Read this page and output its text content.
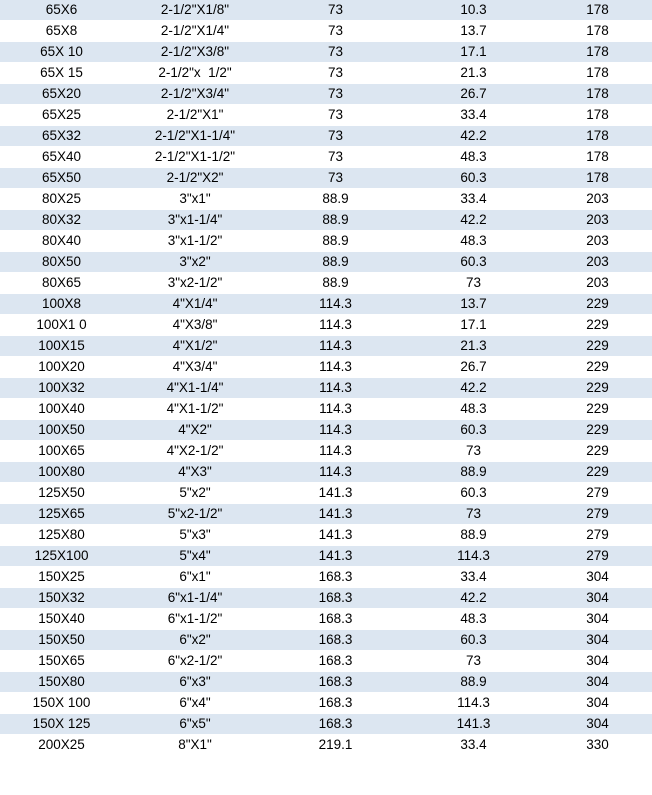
65X6	2-1/2"X1/8"	73	10.3	178
65X8	2-1/2"X1/4"	73	13.7	178
65X 10	2-1/2"X3/8"	73	17.1	178
65X 15	2-1/2"x  1/2"	73	21.3	178
65X20	2-1/2"X3/4"	73	26.7	178
65X25	2-1/2"X1"	73	33.4	178
65X32	2-1/2"X1-1/4"	73	42.2	178
65X40	2-1/2"X1-1/2"	73	48.3	178
65X50	2-1/2"X2"	73	60.3	178
80X25	3"x1"	88.9	33.4	203
80X32	3"x1-1/4"	88.9	42.2	203
80X40	3"x1-1/2"	88.9	48.3	203
80X50	3"x2"	88.9	60.3	203
80X65	3"x2-1/2"	88.9	73	203
100X8	4"X1/4"	114.3	13.7	229
100X1 0	4"X3/8"	114.3	17.1	229
100X15	4"X1/2"	114.3	21.3	229
100X20	4"X3/4"	114.3	26.7	229
100X32	4"X1-1/4"	114.3	42.2	229
100X40	4"X1-1/2"	114.3	48.3	229
100X50	4"X2"	114.3	60.3	229
100X65	4"X2-1/2"	114.3	73	229
100X80	4"X3"	114.3	88.9	229
125X50	5"x2"	141.3	60.3	279
125X65	5"x2-1/2"	141.3	73	279
125X80	5"x3"	141.3	88.9	279
125X100	5"x4"	141.3	114.3	279
150X25	6"x1"	168.3	33.4	304
150X32	6"x1-1/4"	168.3	42.2	304
150X40	6"x1-1/2"	168.3	48.3	304
150X50	6"x2"	168.3	60.3	304
150X65	6"x2-1/2"	168.3	73	304
150X80	6"x3"	168.3	88.9	304
150X 100	6"x4"	168.3	114.3	304
150X 125	6"x5"	168.3	141.3	304
200X25	8"X1"	219.1	33.4	330
